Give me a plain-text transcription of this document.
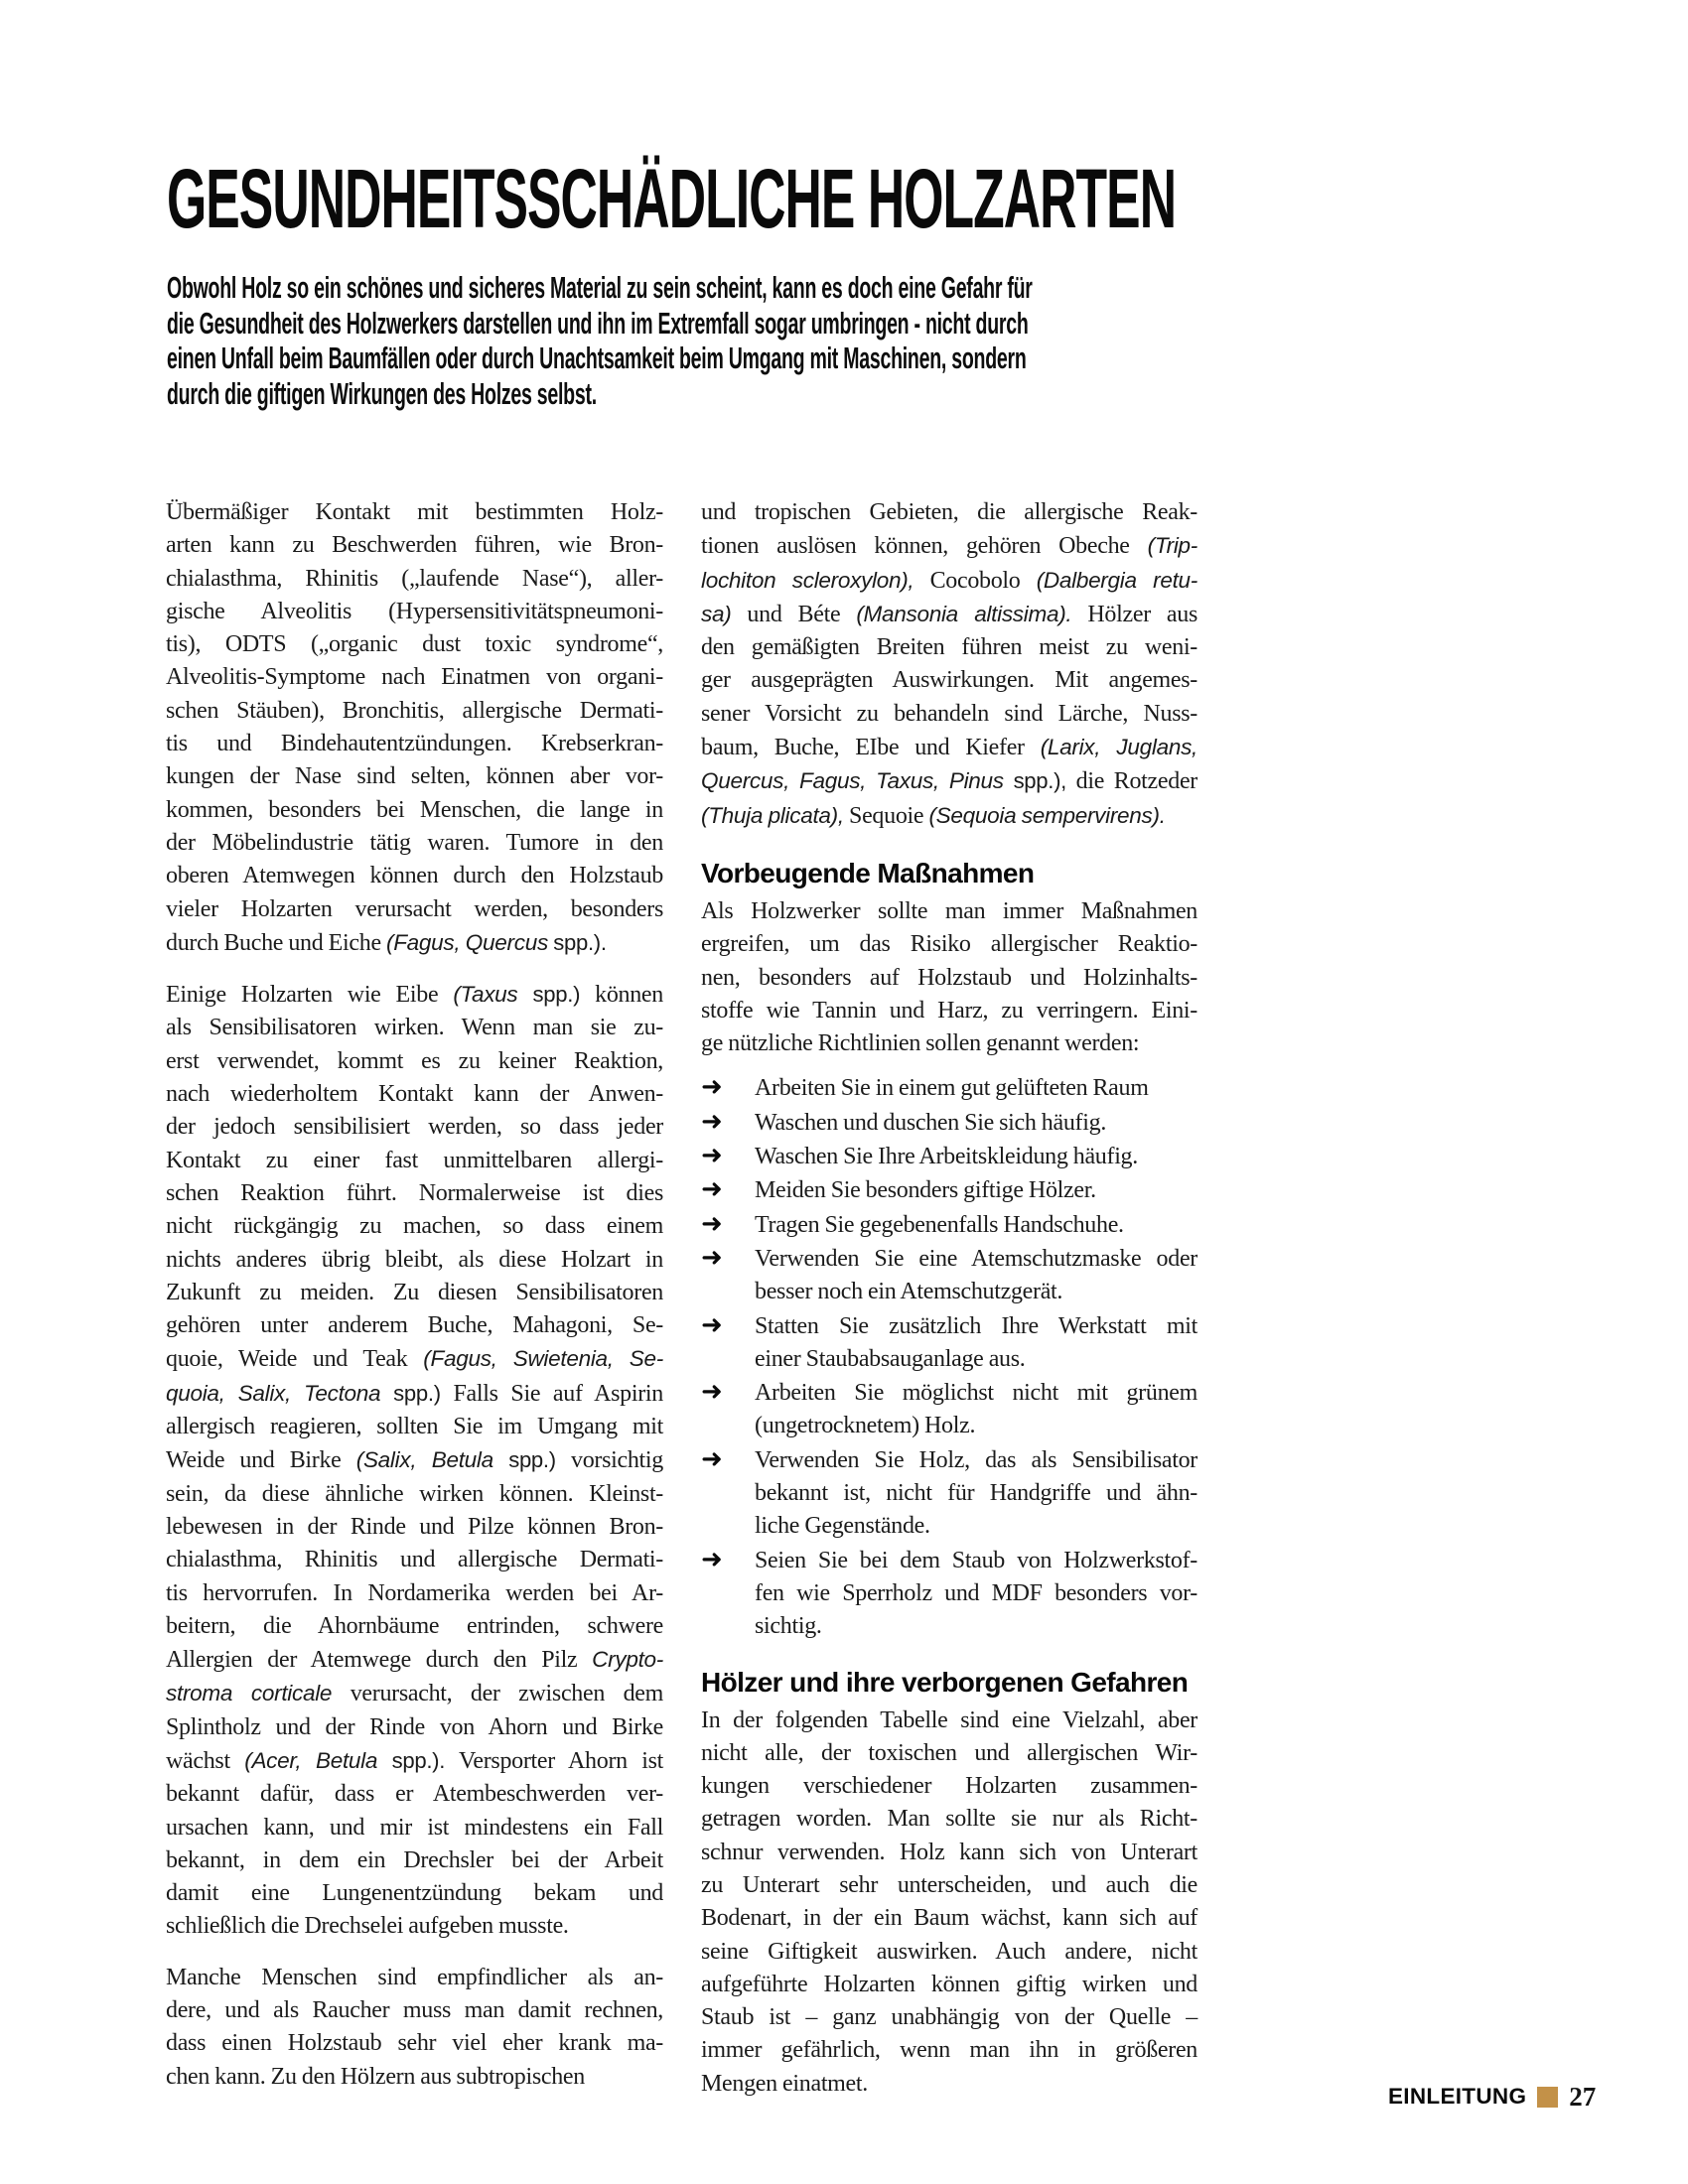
GESUNDHEITSSCHÄDLICHE HOLZARTEN
Obwohl Holz so ein schönes und sicheres Material zu sein scheint, kann es doch eine Gefahr für
die Gesundheit des Holzwerkers darstellen und ihn im Extremfall sogar umbringen - nicht durch
einen Unfall beim Baumfällen oder durch Unachtsamkeit beim Umgang mit Maschinen, sondern
durch die giftigen Wirkungen des Holzes selbst.
Übermäßiger Kontakt mit bestimmten Holz-
arten kann zu Beschwerden führen, wie Bron-
chialasthma, Rhinitis („laufende Nase“), aller-
gische Alveolitis (Hypersensitivitätspneumoni-
tis), ODTS („organic dust toxic syndrome“,
Alveolitis-Symptome nach Einatmen von organi-
schen Stäuben), Bronchitis, allergische Dermati-
tis und Bindehautentzündungen. Krebserkran-
kungen der Nase sind selten, können aber vor-
kommen, besonders bei Menschen, die lange in
der Möbelindustrie tätig waren. Tumore in den
oberen Atemwegen können durch den Holzstaub
vieler Holzarten verursacht werden, besonders
durch Buche und Eiche (Fagus, Quercus spp.).
Einige Holzarten wie Eibe (Taxus spp.) können
als Sensibilisatoren wirken. Wenn man sie zu-
erst verwendet, kommt es zu keiner Reaktion,
nach wiederholtem Kontakt kann der Anwen-
der jedoch sensibilisiert werden, so dass jeder
Kontakt zu einer fast unmittelbaren allergi-
schen Reaktion führt. Normalerweise ist dies
nicht rückgängig zu machen, so dass einem
nichts anderes übrig bleibt, als diese Holzart in
Zukunft zu meiden. Zu diesen Sensibilisatoren
gehören unter anderem Buche, Mahagoni, Se-
quoie, Weide und Teak (Fagus, Swietenia, Se-
quoia, Salix, Tectona spp.) Falls Sie auf Aspirin
allergisch reagieren, sollten Sie im Umgang mit
Weide und Birke (Salix, Betula spp.) vorsichtig
sein, da diese ähnliche wirken können. Kleinst-
lebewesen in der Rinde und Pilze können Bron-
chialasthma, Rhinitis und allergische Dermati-
tis hervorrufen. In Nordamerika werden bei Ar-
beitern, die Ahornbäume entrinden, schwere
Allergien der Atemwege durch den Pilz Crypto-
stroma corticale verursacht, der zwischen dem
Splintholz und der Rinde von Ahorn und Birke
wächst (Acer, Betula spp.). Versporter Ahorn ist
bekannt dafür, dass er Atembeschwerden ver-
ursachen kann, und mir ist mindestens ein Fall
bekannt, in dem ein Drechsler bei der Arbeit
damit eine Lungenentzündung bekam und
schließlich die Drechselei aufgeben musste.
Manche Menschen sind empfindlicher als an-
dere, und als Raucher muss man damit rechnen,
dass einen Holzstaub sehr viel eher krank ma-
chen kann. Zu den Hölzern aus subtropischen
und tropischen Gebieten, die allergische Reak-
tionen auslösen können, gehören Obeche (Trip-
lochiton scleroxylon), Cocobolo (Dalbergia retu-
sa) und Béte (Mansonia altissima). Hölzer aus
den gemäßigten Breiten führen meist zu weni-
ger ausgeprägten Auswirkungen. Mit angemes-
sener Vorsicht zu behandeln sind Lärche, Nuss-
baum, Buche, EIbe und Kiefer (Larix, Juglans,
Quercus, Fagus, Taxus, Pinus spp.), die Rotzeder
(Thuja plicata), Sequoie (Sequoia sempervirens).
Vorbeugende Maßnahmen
Als Holzwerker sollte man immer Maßnahmen
ergreifen, um das Risiko allergischer Reaktio-
nen, besonders auf Holzstaub und Holzinhalts-
stoffe wie Tannin und Harz, zu verringern. Eini-
ge nützliche Richtlinien sollen genannt werden:
➜ Arbeiten Sie in einem gut gelüfteten Raum
➜ Waschen und duschen Sie sich häufig.
➜ Waschen Sie Ihre Arbeitskleidung häufig.
➜ Meiden Sie besonders giftige Hölzer.
➜ Tragen Sie gegebenenfalls Handschuhe.
➜ Verwenden Sie eine Atemschutzmaske oder
besser noch ein Atemschutzgerät.
➜ Statten Sie zusätzlich Ihre Werkstatt mit
einer Staubabsauganlage aus.
➜ Arbeiten Sie möglichst nicht mit grünem
(ungetrocknetem) Holz.
➜ Verwenden Sie Holz, das als Sensibilisator
bekannt ist, nicht für Handgriffe und ähn-
liche Gegenstände.
➜ Seien Sie bei dem Staub von Holzwerkstof-
fen wie Sperrholz und MDF besonders vor-
sichtig.
Hölzer und ihre verborgenen Gefahren
In der folgenden Tabelle sind eine Vielzahl, aber
nicht alle, der toxischen und allergischen Wir-
kungen verschiedener Holzarten zusammen-
getragen worden. Man sollte sie nur als Richt-
schnur verwenden. Holz kann sich von Unterart
zu Unterart sehr unterscheiden, und auch die
Bodenart, in der ein Baum wächst, kann sich auf
seine Giftigkeit auswirken. Auch andere, nicht
aufgeführte Holzarten können giftig wirken und
Staub ist – ganz unabhängig von der Quelle –
immer gefährlich, wenn man ihn in größeren
Mengen einatmet.	EINLEITUNG 27
